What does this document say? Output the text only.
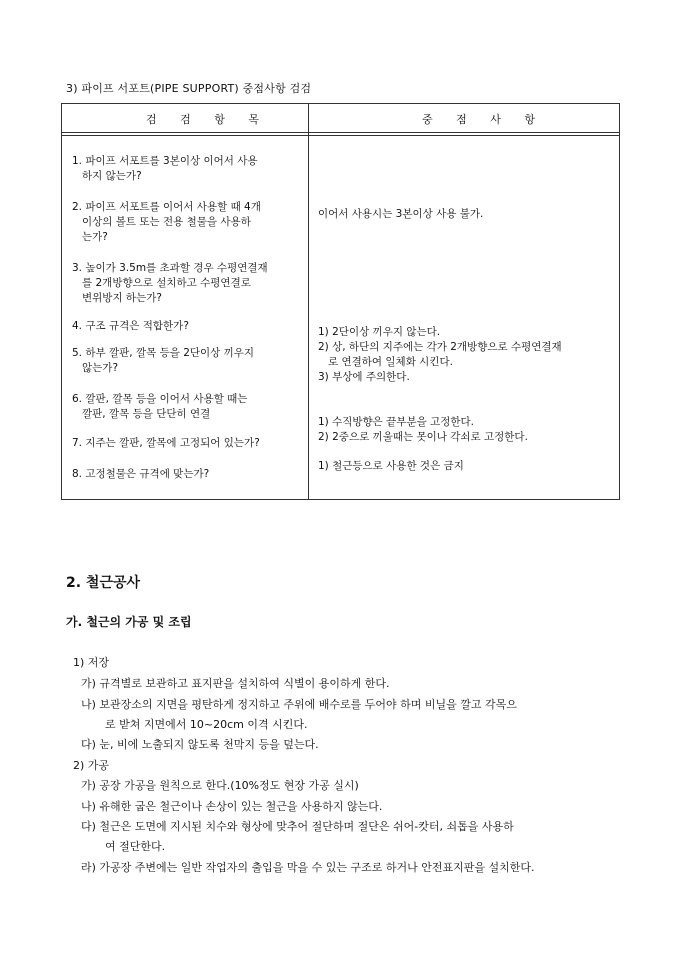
3) 파이프 서포트(PIPE SUPPORT) 중점사항 검검
검 검 항 목	중 점 사 항
1. 파이프 서포트를 3본이상 이어서 사용
하지 않는가?
2. 파이프 서포트를 이어서 사용할 때 4개
이상의 볼트 또는 전용 철물을 사용하
는가?
3. 높이가 3.5m를 초과할 경우 수평연결재
를 2개방향으로 설치하고 수평연결로
변위방지 하는가?
4. 구조 규격은 적합한가?
5. 하부 깔판, 깔목 등을 2단이상 끼우지
않는가?
6. 깔판, 깔목 등을 이어서 사용할 때는
깔판, 깔목 등을 단단히 연결
7. 지주는 깔판, 깔목에 고정되어 있는가?
8. 고정철물은 규격에 맞는가?
이어서 사용시는 3본이상 사용 불가.
1) 2단이상 끼우지 않는다.
2) 상, 하단의 지주에는 각가 2개방향으로 수평연결재
로 연결하여 일체화 시킨다.
3) 부상에 주의한다.
1) 수직방향은 끝부분을 고정한다.
2) 2중으로 끼울때는 못이나 각쇠로 고정한다.
1) 철근등으로 사용한 것은 금지
2. 철근공사
가. 철근의 가공 및 조립
1) 저장
가) 규격별로 보관하고 표지판을 설치하여 식별이 용이하게 한다.
나) 보관장소의 지면을 평탄하게 정지하고 주위에 배수로를 두어야 하며 비닐을 깔고 각목으
로 받쳐 지면에서 10~20cm 이격 시킨다.
다) 눈, 비에 노출되지 않도록 천막지 등을 덮는다.
2) 가공
가) 공장 가공을 원칙으로 한다.(10%정도 현장 가공 실시)
나) 유해한 굽은 철근이나 손상이 있는 철근을 사용하지 않는다.
다) 철근은 도면에 지시된 치수와 형상에 맞추어 절단하며 절단은 쉬어-캇터, 쇠톱을 사용하
여 절단한다.
라) 가공장 주변에는 일반 작업자의 출입을 막을 수 있는 구조로 하거나 안전표지판을 설치한다.
